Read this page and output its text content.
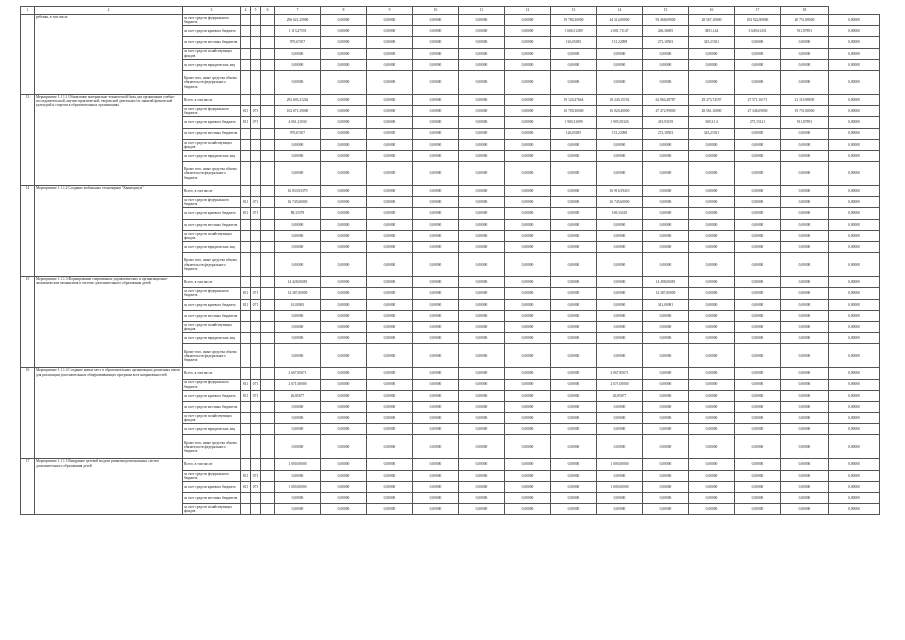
1	2	3	4	5	6	7	8	9	10	11	12	13	14	15	16	17	18	
	ребенка, в том числе	за счет средств федерального бюджета				296 621,43900	0,00000	0,00000	0,00000	0,00000	0,00000	19 780,30000	44 214,00000	93 468,69000	28 567,10000	292 922,80000	20 751,80000	0,00000
		за счет средств краевого бюджета				1 113,47591	0,00000	0,00000	0,00000	0,00000	0,00000	1 606,51289	2 001,71147	266,36695	3851,144	3 649,61431	911,87891	0,00000
		за счет средств местных бюджетов				970,67457	0,00000	0,00000	0,00000	0,00000	0,00000	126,05495	131,22098	272,18503	343,21921	0,00000	0,00000	0,00000
		за счет средств хозяйствующих фондов				0,00000	0,00000	0,00000	0,00000	0,00000	0,00000	0,00000	0,00000	0,00000	0,00000	0,00000	0,00000	0,00000
		за счет средств юридических лиц				0,00000	0,00000	0,00000	0,00000	0,00000	0,00000	0,00000	0,00000	0,00000	0,00000	0,00000	0,00000	0,00000
		Кроме того, иные средства объема обязательств федерального бюджета				0,00000	0,00000	0,00000	0,00000	0,00000	0,00000	0,00000	0,00000	0,00000	0,00000	0,00000	0,00000	0,00000
13	Мероприятие 1.1.1.1 Обновление материально-технической базы для организации учебно-исследовательской, научно-практической, творческой деятельности, занятий физической культурой и спортом в образовательных организациях	Всего, в том числе				292 693,31262	0,00000	0,00000	0,00000	0,00000	0,00000	19 120,47664	18 240,15192	62 864,48787	29 273,74197	27 571,16171	21 119,88839	0,00000
		за счет средств федерального бюджета	811	071		102 671,39000	0,00000	0,00000	0,00000	0,00000	0,00000	16 700,30000	16 820,40000	47 472,99000	28 561,10000	27 346,09000	19 751,80000	0,00000
		за счет средств краевого бюджета	811	071		4 061,21030	0,00000	0,00000	0,00000	0,00000	0,00000	1 900,31099	1 905,50326	419,93159	369,31 4	275,15121	911,87891	0,00000
		за счет средств местных бюджетов				970,67457	0,00000	0,00000	0,00000	0,00000	0,00000	126,05495	131,22098	272,18503	343,21921	0,00000	0,00000	0,00000
		за счет средств хозяйствующих фондов				0,00000	0,00000	0,00000	0,00000	0,00000	0,00000	0,00000	0,00000	0,00000	0,00000	0,00000	0,00000	0,00000
		за счет средств юридических лиц				0,00000	0,00000	0,00000	0,00000	0,00000	0,00000	0,00000	0,00000	0,00000	0,00000	0,00000	0,00000	0,00000
		Кроме того, иные средства объема обязательств федерального бюджета				0,00000	0,00000	0,00000	0,00000	0,00000	0,00000	0,00000	0,00000	0,00000	0,00000	0,00000	0,00000	0,00000
14	Мероприятие 1.1.1.2 Создание мобильных технопарков "Кванториум"	Всего, в том числе				16 833,93379	0,00000	0,00000	0,00000	0,00000	0,00000	0,00000	16 916,59410	0,00000	0,00000	0,00000	0,00000	0,00000
		за счет средств федерального бюджета	811	071		16 745,60000	0,00000	0,00000	0,00000	0,00000	0,00000	0,00000	16 745,60000	0,00000	0,00000	0,00000	0,00000	0,00000
		за счет средств краевого бюджета	811	071		88,33379	0,00000	0,00000	0,00000	0,00000	0,00000	0,00000	169,33410	0,00000	0,00000	0,00000	0,00000	0,00000
		за счет средств местных бюджетов				0,00000	0,00000	0,00000	0,00000	0,00000	0,00000	0,00000	0,00000	0,00000	0,00000	0,00000	0,00000	0,00000
		за счет средств хозяйствующих фондов				0,00000	0,00000	0,00000	0,00000	0,00000	0,00000	0,00000	0,00000	0,00000	0,00000	0,00000	0,00000	0,00000
		за счет средств юридических лиц				0,00000	0,00000	0,00000	0,00000	0,00000	0,00000	0,00000	0,00000	0,00000	0,00000	0,00000	0,00000	0,00000
		Кроме того, иные средства объема обязательств федерального бюджета				0,00000	0,00000	0,00000	0,00000	0,00000	0,00000	0,00000	0,00000	0,00000	0,00000	0,00000	0,00000	0,00000
15	Мероприятие 1.1.1.3 Формирование современных управленческих и организационно-экономических механизмов в системе дополнительного образования детей	Всего, в том числе				14 428,00081	0,00000	0,00000	0,00000	0,00000	0,00000	0,00000	0,00000	14 498,00081	0,00000	0,00000	0,00000	0,00000
		за счет средств федерального бюджета	811	071		14 387,00000	0,00000	0,00000	0,00000	0,00000	0,00000	0,00000	0,00000	14 387,00000	0,00000	0,00000	0,00000	0,00000
		за счет средств краевого бюджета	811	071		41,00081	0,00000	0,00000	0,00000	0,00000	0,00000	0,00000	0,00000	341,00081	0,00000	0,00000	0,00000	0,00000
		за счет средств местных бюджетов				0,00000	0,00000	0,00000	0,00000	0,00000	0,00000	0,00000	0,00000	0,00000	0,00000	0,00000	0,00000	0,00000
		за счет средств хозяйствующих фондов				0,00000	0,00000	0,00000	0,00000	0,00000	0,00000	0,00000	0,00000	0,00000	0,00000	0,00000	0,00000	0,00000
		за счет средств юридических лиц				0,00000	0,00000	0,00000	0,00000	0,00000	0,00000	0,00000	0,00000	0,00000	0,00000	0,00000	0,00000	0,00000
		Кроме того, иные средства объема обязательств федерального бюджета				0,00000	0,00000	0,00000	0,00000	0,00000	0,00000	0,00000	0,00000	0,00000	0,00000	0,00000	0,00000	0,00000
16	Мероприятие 1.1.1.4 Создание новых мест в образовательных организациях различных типов для реализации дополнительных общеразвивающих программ всех направленностей	Всего, в том числе				2 667,85671	0,00000	0,00000	0,00000	0,00000	0,00000	0,00000	2 067,85671	0,00000	0,00000	0,00000	0,00000	0,00000
		за счет средств федерального бюджета	811	071		2 671,00000	0,00000	0,00000	0,00000	0,00000	0,00000	0,00000	2 671,00000	0,00000	0,00000	0,00000	0,00000	0,00000
		за счет средств краевого бюджета	811	071		26,85677	0,00000	0,00000	0,00000	0,00000	0,00000	0,00000	26,85677	0,00000	0,00000	0,00000	0,00000	0,00000
		за счет средств местных бюджетов				0,00000	0,00000	0,00000	0,00000	0,00000	0,00000	0,00000	0,00000	0,00000	0,00000	0,00000	0,00000	0,00000
		за счет средств хозяйствующих фондов				0,00000	0,00000	0,00000	0,00000	0,00000	0,00000	0,00000	0,00000	0,00000	0,00000	0,00000	0,00000	0,00000
		за счет средств юридических лиц				0,00000	0,00000	0,00000	0,00000	0,00000	0,00000	0,00000	0,00000	0,00000	0,00000	0,00000	0,00000	0,00000
		Кроме того, иные средства объема обязательств федерального бюджета				0,00000	0,00000	0,00000	0,00000	0,00000	0,00000	0,00000	0,00000	0,00000	0,00000	0,00000	0,00000	0,00000
17	Мероприятие 1.1.1.5 Внедрение целевой модели развития региональных систем дополнительного образования детей	Всего, в том числе				1 000,00000	0,00000	0,00000	0,00000	0,00000	0,00000	0,00000	1 000,00000	0,00000	0,00000	0,00000	0,00000	0,00000
		за счет средств федерального бюджета	811	071		0,00000	0,00000	0,00000	0,00000	0,00000	0,00000	0,00000	0,00000	0,00000	0,00000	0,00000	0,00000	0,00000
		за счет средств краевого бюджета	811	071		1 000,00000	0,00000	0,00000	0,00000	0,00000	0,00000	0,00000	1 000,00000	0,00000	0,00000	0,00000	0,00000	0,00000
		за счет средств местных бюджетов				0,00000	0,00000	0,00000	0,00000	0,00000	0,00000	0,00000	0,00000	0,00000	0,00000	0,00000	0,00000	0,00000
		за счет средств хозяйствующих фондов				0,00000	0,00000	0,00000	0,00000	0,00000	0,00000	0,00000	0,00000	0,00000	0,00000	0,00000	0,00000	0,00000
